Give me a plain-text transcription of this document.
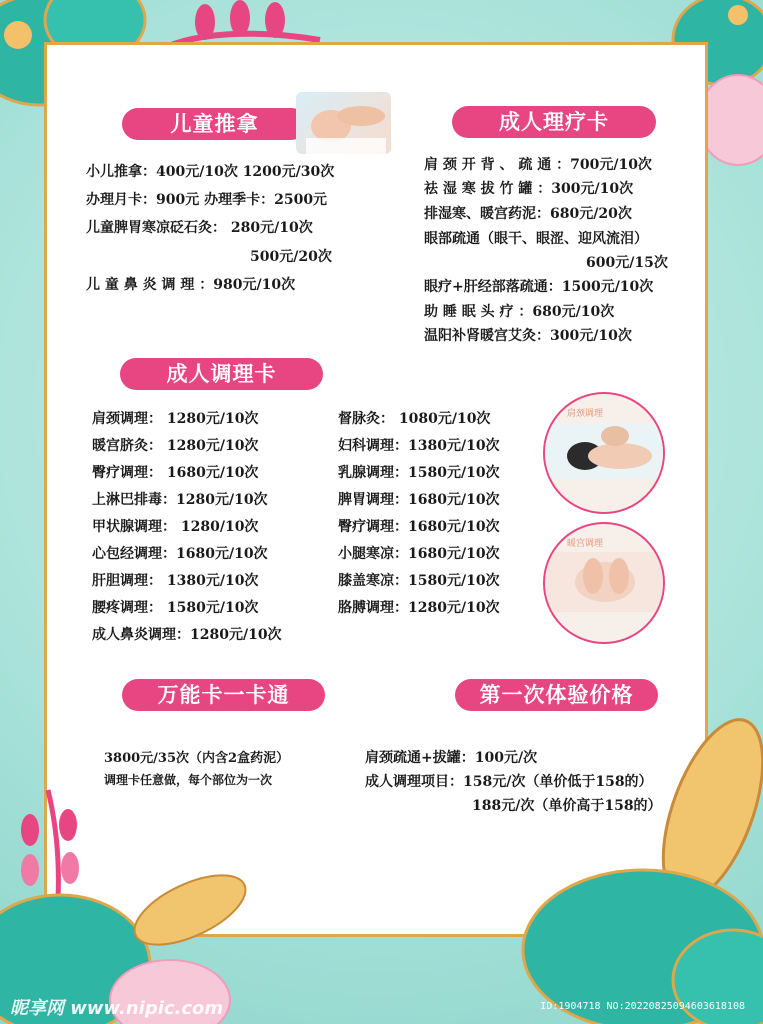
儿童推拿	成人理疗卡
成人调理卡
万能卡一卡通	第一次体验价格
小儿推拿：400元/10次 1200元/30次
办理月卡：900元 办理季卡：2500元
儿童脾胃寒凉砭石灸： 280元/10次
500元/20次
儿 童 鼻 炎 调 理 ：980元/10次
肩 颈 开 背 、 疏 通 ：700元/10次
祛 湿 寒 拔 竹 罐 ：300元/10次
排湿寒、暖宫药泥：680元/20次
眼部疏通（眼干、眼涩、迎风流泪）
600元/15次
眼疗+肝经部落疏通：1500元/10次
助 睡 眠 头 疗 ：680元/10次
温阳补肾暖宫艾灸：300元/10次
肩颈调理： 1280元/10次
暖宫脐灸： 1280元/10次
臀疗调理： 1680元/10次
上淋巴排毒：1280元/10次
甲状腺调理： 1280/10次
心包经调理：1680元/10次
肝胆调理： 1380元/10次
腰疼调理： 1580元/10次
成人鼻炎调理：1280元/10次
督脉灸： 1080元/10次
妇科调理：1380元/10次
乳腺调理：1580元/10次
脾胃调理：1680元/10次
臀疗调理：1680元/10次
小腿寒凉：1680元/10次
膝盖寒凉：1580元/10次
胳膊调理：1280元/10次
肩颈调理
暖宫调理
3800元/35次（内含2盒药泥）
调理卡任意做，每个部位为一次
肩颈疏通+拔罐：100元/次
成人调理项目：158元/次（单价低于158的）
188元/次（单价高于158的）
昵享网 www.nipic.com	ID:1904718 NO:20220825094603618108
